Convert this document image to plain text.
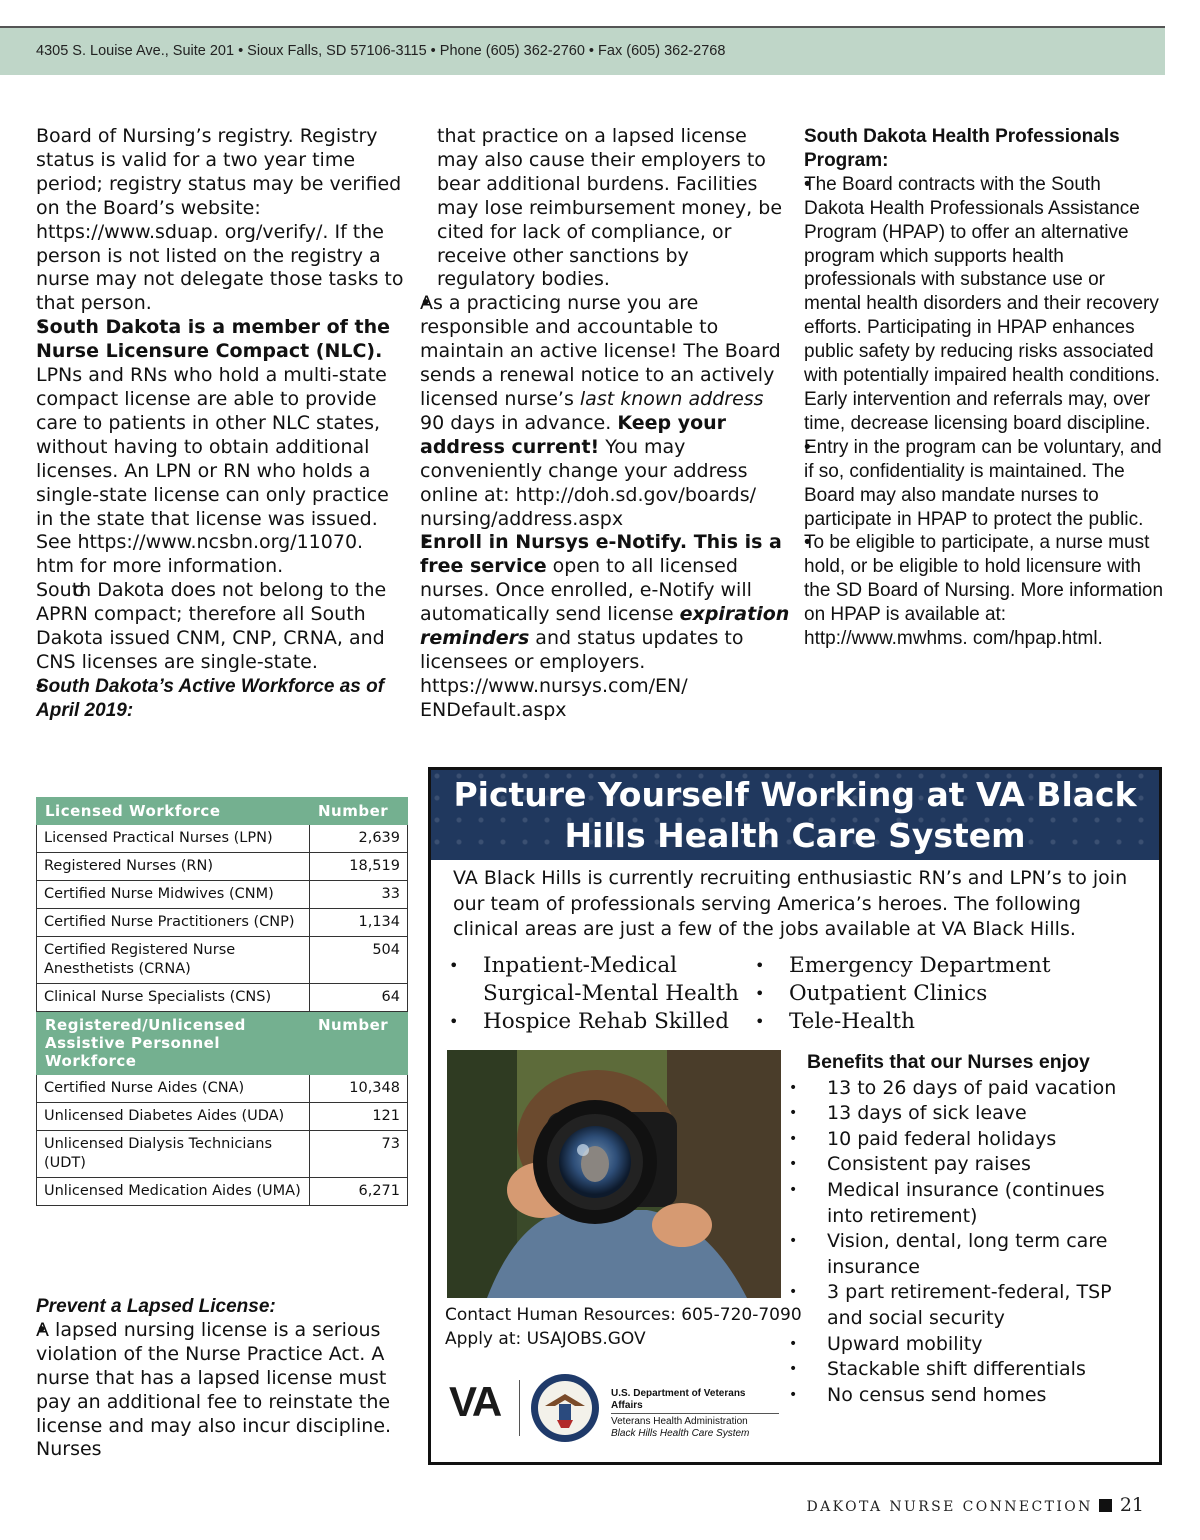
4305 S. Louise Ave., Suite 201 • Sioux Falls, SD 57106-3115 • Phone (605) 362-2760 • Fax (605) 362-2768

Board of Nursing’s registry. Registry status is valid for a two year time period; registry status may be verified on the Board’s website: https://www.sduap. org/verify/. If the person is not listed on the registry a nurse may not delegate those tasks to that person.

• South Dakota is a member of the Nurse Licensure Compact (NLC). LPNs and RNs who hold a multi-state compact license are able to provide care to patients in other NLC states, without having to obtain additional licenses. An LPN or RN who holds a single-state license can only practice in the state that license was issued. See https://www.ncsbn.org/11070. htm for more information.

o South Dakota does not belong to the APRN compact; therefore all South Dakota issued CNM, CNP, CRNA, and CNS licenses are single-state.

• South Dakota’s Active Workforce as of April 2019:

Licensed Workforce	Number
Licensed Practical Nurses (LPN)	2,639
Registered Nurses (RN)	18,519
Certified Nurse Midwives (CNM)	33
Certified Nurse Practitioners (CNP)	1,134
Certified Registered Nurse Anesthetists (CRNA)	504
Clinical Nurse Specialists (CNS)	64
Registered/Unlicensed Assistive Personnel Workforce	Number
Certified Nurse Aides (CNA)	10,348
Unlicensed Diabetes Aides (UDA)	121
Unlicensed Dialysis Technicians (UDT)	73
Unlicensed Medication Aides (UMA)	6,271

Prevent a Lapsed License:

• A lapsed nursing license is a serious violation of the Nurse Practice Act. A nurse that has a lapsed license must pay an additional fee to reinstate the license and may also incur discipline. Nurses

that practice on a lapsed license may also cause their employers to bear additional burdens. Facilities may lose reimbursement money, be cited for lack of compliance, or receive other sanctions by regulatory bodies.

• As a practicing nurse you are responsible and accountable to maintain an active license! The Board sends a renewal notice to an actively licensed nurse’s last known address 90 days in advance. Keep your address current! You may conveniently change your address online at: http://doh.sd.gov/boards/ nursing/address.aspx

• Enroll in Nursys e-Notify. This is a free service open to all licensed nurses. Once enrolled, e-Notify will automatically send license expiration reminders and status updates to licensees or employers. https://www.nursys.com/EN/ ENDefault.aspx

South Dakota Health Professionals Program:

• The Board contracts with the South Dakota Health Professionals Assistance Program (HPAP) to offer an alternative program which supports health professionals with substance use or mental health disorders and their recovery efforts. Participating in HPAP enhances public safety by reducing risks associated with potentially impaired health conditions. Early intervention and referrals may, over time, decrease licensing board discipline.

• Entry in the program can be voluntary, and if so, confidentiality is maintained. The Board may also mandate nurses to participate in HPAP to protect the public.

• To be eligible to participate, a nurse must hold, or be eligible to hold licensure with the SD Board of Nursing. More information on HPAP is available at: http://www.mwhms. com/hpap.html.

Picture Yourself Working at VA Black
Hills Health Care System
VA Black Hills is currently recruiting enthusiastic RN’s and LPN’s to join our team of professionals serving America’s heroes. The following clinical areas are just a few of the jobs available at VA Black Hills.
• Inpatient-Medical Surgical-Mental Health
• Hospice Rehab Skilled
• Emergency Department
• Outpatient Clinics
• Tele-Health
Contact Human Resources: 605-720-7090
Apply at: USAJOBS.GOV
VA	U.S. Department of Veterans Affairs
Veterans Health Administration
Black Hills Health Care System
Benefits that our Nurses enjoy
• 13 to 26 days of paid vacation
• 13 days of sick leave
• 10 paid federal holidays
• Consistent pay raises
• Medical insurance (continues into retirement)
• Vision, dental, long term care insurance
• 3 part retirement-federal, TSP and social security
• Upward mobility
• Stackable shift differentials
• No census send homes
DAKOTA NURSE CONNECTION 21
